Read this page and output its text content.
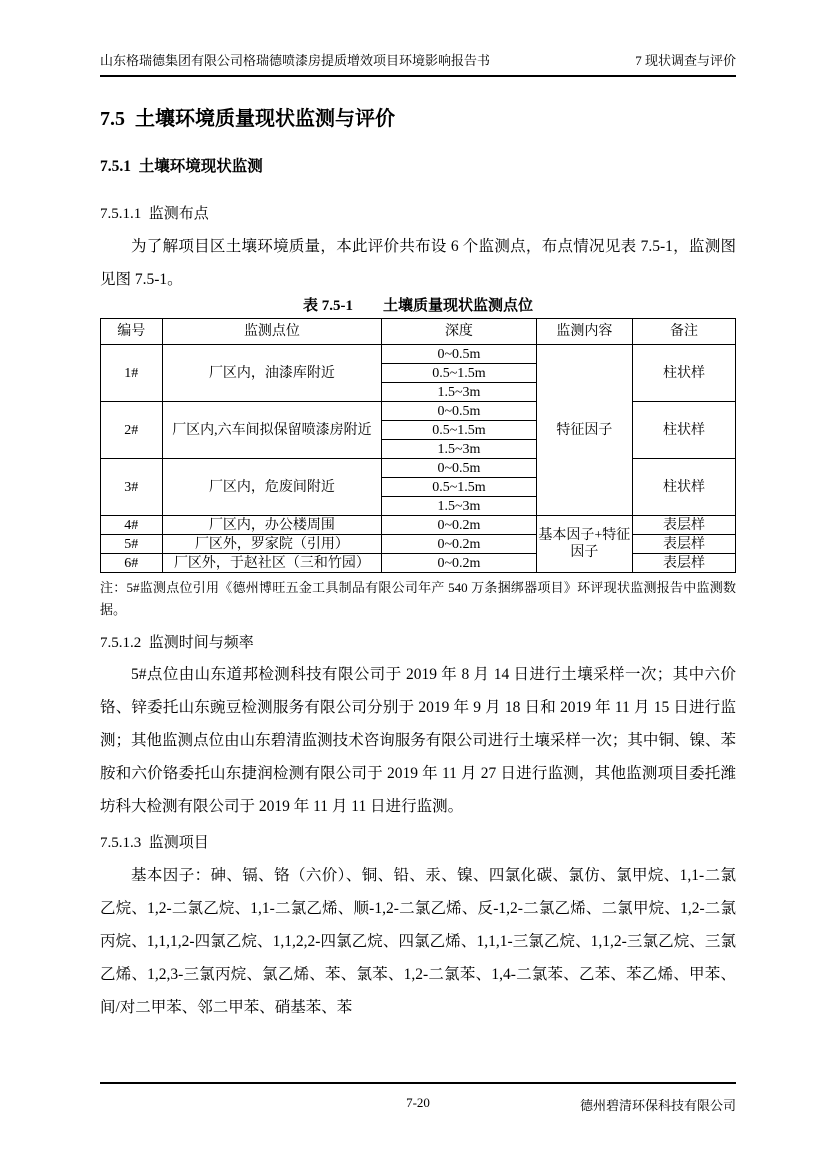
山东格瑞德集团有限公司格瑞德喷漆房提质增效项目环境影响报告书	7 现状调查与评价
7.5  土壤环境质量现状监测与评价
7.5.1  土壤环境现状监测
7.5.1.1  监测布点

为了解项目区土壤环境质量，本此评价共布设 6 个监测点，布点情况见表 7.5-1，监测图见图 7.5-1。

表 7.5-1 土壤质量现状监测点位
编号	监测点位	深度	监测内容	备注
1#	厂区内，油漆库附近	0~0.5m	特征因子	柱状样
		0.5~1.5m		
		1.5~3m		
2#	厂区内,六车间拟保留喷漆房附近	0~0.5m		柱状样
		0.5~1.5m		
		1.5~3m		
3#	厂区内，危废间附近	0~0.5m		柱状样
		0.5~1.5m		
		1.5~3m		
4#	厂区内，办公楼周围	0~0.2m	基本因子+特征因子	表层样
5#	厂区外，罗家院（引用）	0~0.2m		表层样
6#	厂区外，于赵社区（三和竹园）	0~0.2m		表层样

注：5#监测点位引用《德州博旺五金工具制品有限公司年产 540 万条捆绑器项目》环评现状监测报告中监测数据。

7.5.1.2  监测时间与频率

5#点位由山东道邦检测科技有限公司于 2019 年 8 月 14 日进行土壤采样一次；其中六价铬、锌委托山东豌豆检测服务有限公司分别于 2019 年 9 月 18 日和 2019 年 11 月 15 日进行监测；其他监测点位由山东碧清监测技术咨询服务有限公司进行土壤采样一次；其中铜、镍、苯胺和六价铬委托山东捷润检测有限公司于 2019 年 11 月 27 日进行监测，其他监测项目委托潍坊科大检测有限公司于 2019 年 11 月 11 日进行监测。

7.5.1.3  监测项目

基本因子：砷、镉、铬（六价）、铜、铅、汞、镍、四氯化碳、氯仿、氯甲烷、1,1-二氯乙烷、1,2-二氯乙烷、1,1-二氯乙烯、顺-1,2-二氯乙烯、反-1,2-二氯乙烯、二氯甲烷、1,2-二氯丙烷、1,1,1,2-四氯乙烷、1,1,2,2-四氯乙烷、四氯乙烯、1,1,1-三氯乙烷、1,1,2-三氯乙烷、三氯乙烯、1,2,3-三氯丙烷、氯乙烯、苯、氯苯、1,2-二氯苯、1,4-二氯苯、乙苯、苯乙烯、甲苯、间/对二甲苯、邻二甲苯、硝基苯、苯

7-20	德州碧清环保科技有限公司
